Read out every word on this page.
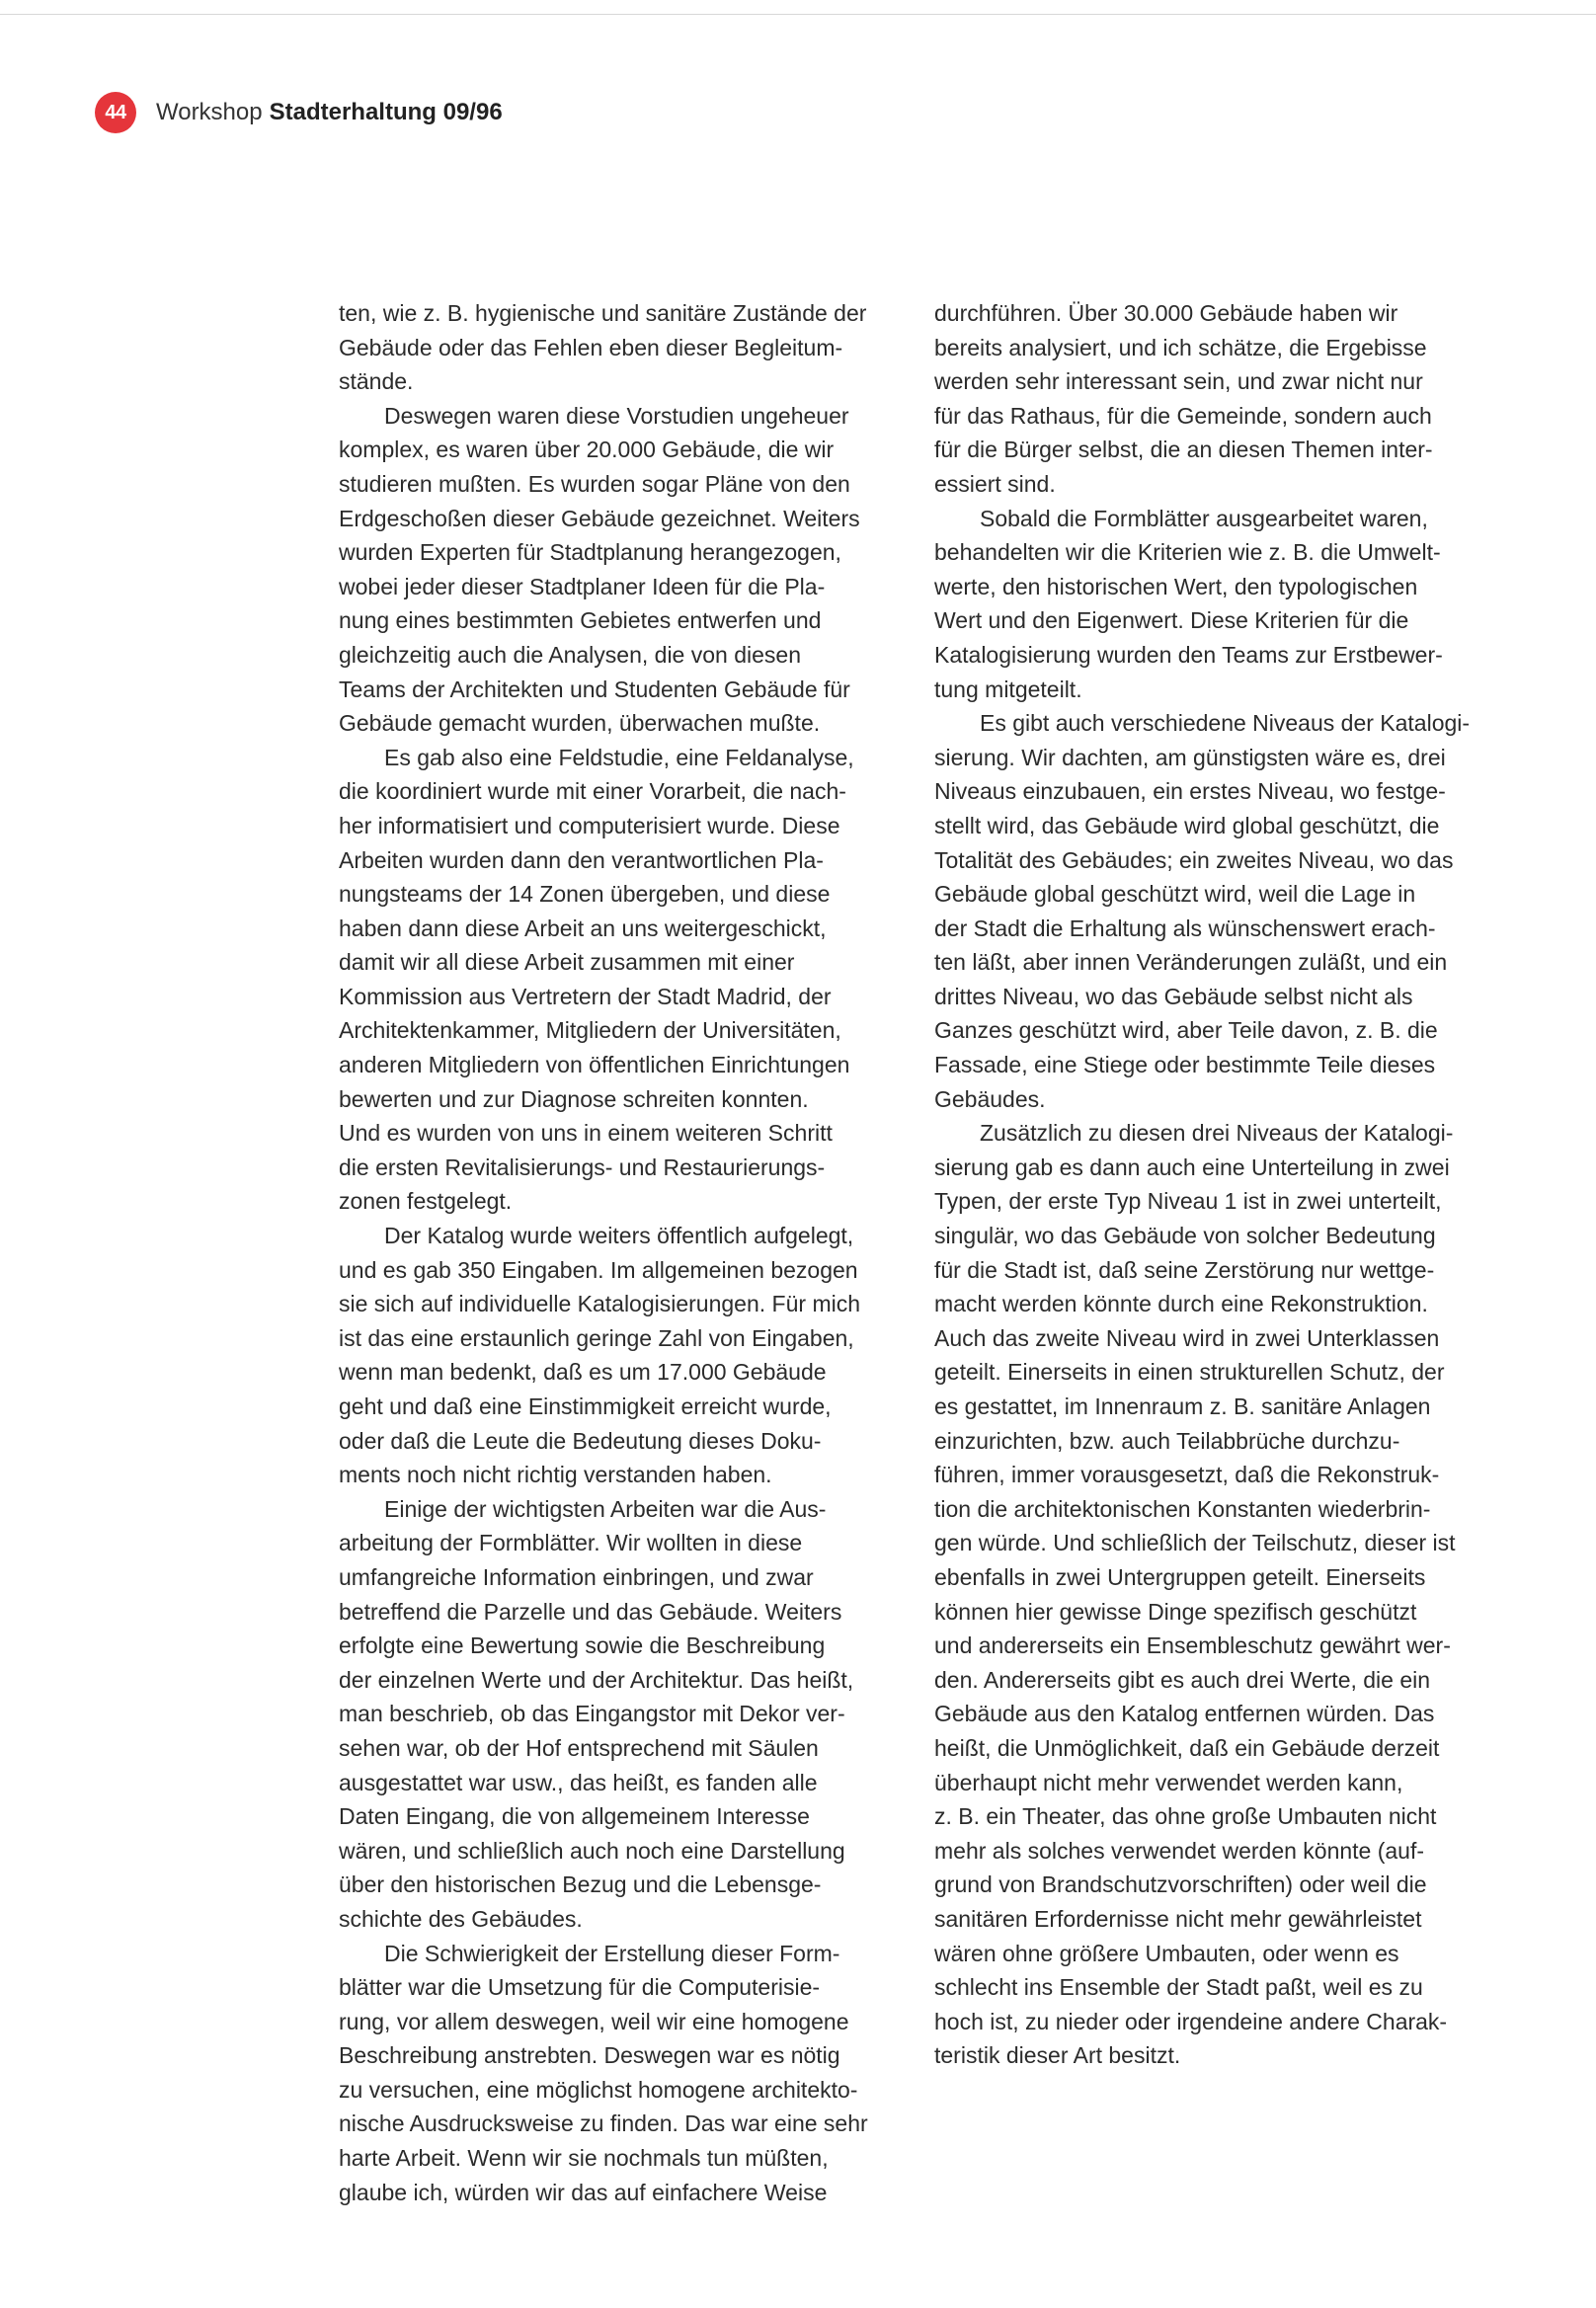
44	Workshop Stadterhaltung 09/96

ten, wie z. B. hygienische und sanitäre Zustände der

Gebäude oder das Fehlen eben dieser Begleitum-

stände.

Deswegen waren diese Vorstudien ungeheuer

komplex, es waren über 20.000 Gebäude, die wir

studieren mußten. Es wurden sogar Pläne von den

Erdgeschoßen dieser Gebäude gezeichnet. Weiters

wurden Experten für Stadtplanung herangezogen,

wobei jeder dieser Stadtplaner Ideen für die Pla-

nung eines bestimmten Gebietes entwerfen und

gleichzeitig auch die Analysen, die von diesen

Teams der Architekten und Studenten Gebäude für

Gebäude gemacht wurden, überwachen mußte.

Es gab also eine Feldstudie, eine Feldanalyse,

die koordiniert wurde mit einer Vorarbeit, die nach-

her informatisiert und computerisiert wurde. Diese

Arbeiten wurden dann den verantwortlichen Pla-

nungsteams der 14 Zonen übergeben, und diese

haben dann diese Arbeit an uns weitergeschickt,

damit wir all diese Arbeit zusammen mit einer

Kommission aus Vertretern der Stadt Madrid, der

Architektenkammer, Mitgliedern der Universitäten,

anderen Mitgliedern von öffentlichen Einrichtungen

bewerten und zur Diagnose schreiten konnten.

Und es wurden von uns in einem weiteren Schritt

die ersten Revitalisierungs- und Restaurierungs-

zonen festgelegt.

Der Katalog wurde weiters öffentlich aufgelegt,

und es gab 350 Eingaben. Im allgemeinen bezogen

sie sich auf individuelle Katalogisierungen. Für mich

ist das eine erstaunlich geringe Zahl von Eingaben,

wenn man bedenkt, daß es um 17.000 Gebäude

geht und daß eine Einstimmigkeit erreicht wurde,

oder daß die Leute die Bedeutung dieses Doku-

ments noch nicht richtig verstanden haben.

Einige der wichtigsten Arbeiten war die Aus-

arbeitung der Formblätter. Wir wollten in diese

umfangreiche Information einbringen, und zwar

betreffend die Parzelle und das Gebäude. Weiters

erfolgte eine Bewertung sowie die Beschreibung

der einzelnen Werte und der Architektur. Das heißt,

man beschrieb, ob das Eingangstor mit Dekor ver-

sehen war, ob der Hof entsprechend mit Säulen

ausgestattet war usw., das heißt, es fanden alle

Daten Eingang, die von allgemeinem Interesse

wären, und schließlich auch noch eine Darstellung

über den historischen Bezug und die Lebensge-

schichte des Gebäudes.

Die Schwierigkeit der Erstellung dieser Form-

blätter war die Umsetzung für die Computerisie-

rung, vor allem deswegen, weil wir eine homogene

Beschreibung anstrebten. Deswegen war es nötig

zu versuchen, eine möglichst homogene architekto-

nische Ausdrucksweise zu finden. Das war eine sehr

harte Arbeit. Wenn wir sie nochmals tun müßten,

glaube ich, würden wir das auf einfachere Weise

durchführen. Über 30.000 Gebäude haben wir

bereits analysiert, und ich schätze, die Ergebisse

werden sehr interessant sein, und zwar nicht nur

für das Rathaus, für die Gemeinde, sondern auch

für die Bürger selbst, die an diesen Themen inter-

essiert sind.

Sobald die Formblätter ausgearbeitet waren,

behandelten wir die Kriterien wie z. B. die Umwelt-

werte, den historischen Wert, den typologischen

Wert und den Eigenwert. Diese Kriterien für die

Katalogisierung wurden den Teams zur Erstbewer-

tung mitgeteilt.

Es gibt auch verschiedene Niveaus der Katalogi-

sierung. Wir dachten, am günstigsten wäre es, drei

Niveaus einzubauen, ein erstes Niveau, wo festge-

stellt wird, das Gebäude wird global geschützt, die

Totalität des Gebäudes; ein zweites Niveau, wo das

Gebäude global geschützt wird, weil die Lage in

der Stadt die Erhaltung als wünschenswert erach-

ten läßt, aber innen Veränderungen zuläßt, und ein

drittes Niveau, wo das Gebäude selbst nicht als

Ganzes geschützt wird, aber Teile davon, z. B. die

Fassade, eine Stiege oder bestimmte Teile dieses

Gebäudes.

Zusätzlich zu diesen drei Niveaus der Katalogi-

sierung gab es dann auch eine Unterteilung in zwei

Typen, der erste Typ Niveau 1 ist in zwei unterteilt,

singulär, wo das Gebäude von solcher Bedeutung

für die Stadt ist, daß seine Zerstörung nur wettge-

macht werden könnte durch eine Rekonstruktion.

Auch das zweite Niveau wird in zwei Unterklassen

geteilt. Einerseits in einen strukturellen Schutz, der

es gestattet, im Innenraum z. B. sanitäre Anlagen

einzurichten, bzw. auch Teilabbrüche durchzu-

führen, immer vorausgesetzt, daß die Rekonstruk-

tion die architektonischen Konstanten wiederbrin-

gen würde. Und schließlich der Teilschutz, dieser ist

ebenfalls in zwei Untergruppen geteilt. Einerseits

können hier gewisse Dinge spezifisch geschützt

und andererseits ein Ensembleschutz gewährt wer-

den. Andererseits gibt es auch drei Werte, die ein

Gebäude aus den Katalog entfernen würden. Das

heißt, die Unmöglichkeit, daß ein Gebäude derzeit

überhaupt nicht mehr verwendet werden kann,

z. B. ein Theater, das ohne große Umbauten nicht

mehr als solches verwendet werden könnte (auf-

grund von Brandschutzvorschriften) oder weil die

sanitären Erfordernisse nicht mehr gewährleistet

wären ohne größere Umbauten, oder wenn es

schlecht ins Ensemble der Stadt paßt, weil es zu

hoch ist, zu nieder oder irgendeine andere Charak-

teristik dieser Art besitzt.
